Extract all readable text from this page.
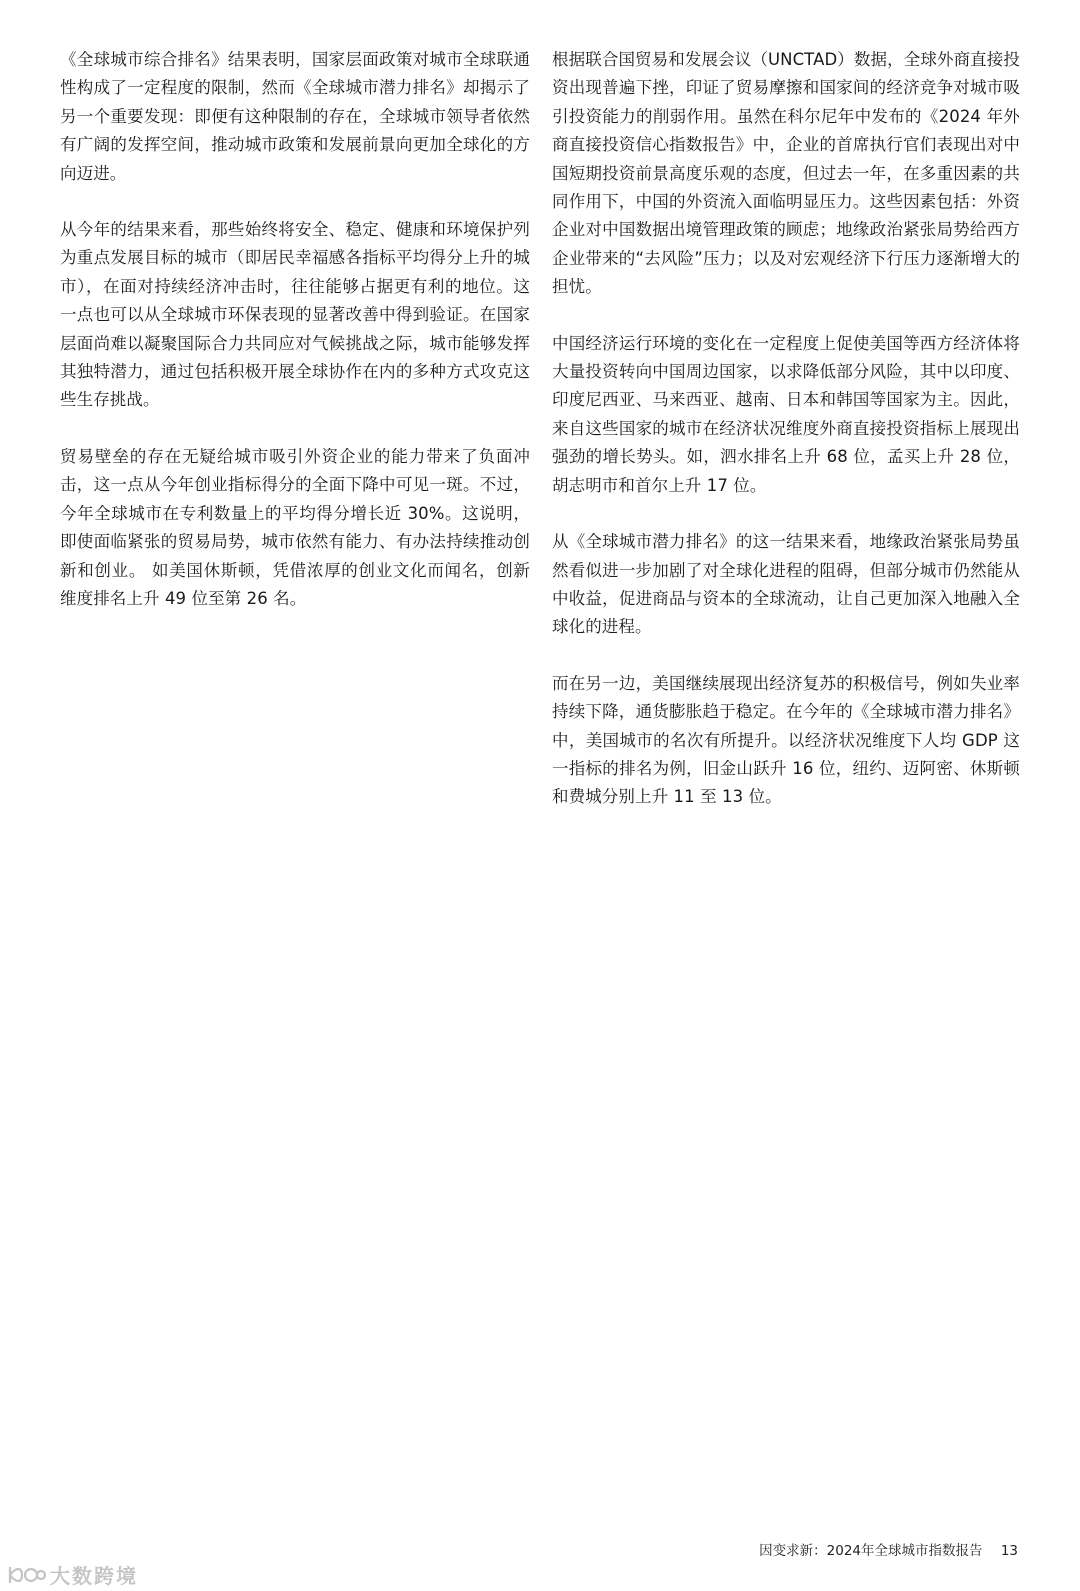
《全球城市综合排名》结果表明，国家层面政策对城市全球联通性构成了一定程度的限制，然而《全球城市潜力排名》却揭示了另一个重要发现：即便有这种限制的存在，全球城市领导者依然有广阔的发挥空间，推动城市政策和发展前景向更加全球化的方向迈进。

从今年的结果来看，那些始终将安全、稳定、健康和环境保护列为重点发展目标的城市（即居民幸福感各指标平均得分上升的城市），在面对持续经济冲击时，往往能够占据更有利的地位。这一点也可以从全球城市环保表现的显著改善中得到验证。在国家层面尚难以凝聚国际合力共同应对气候挑战之际，城市能够发挥其独特潜力，通过包括积极开展全球协作在内的多种方式攻克这些生存挑战。

贸易壁垒的存在无疑给城市吸引外资企业的能力带来了负面冲击，这一点从今年创业指标得分的全面下降中可见一斑。不过，今年全球城市在专利数量上的平均得分增长近 30%。这说明，即使面临紧张的贸易局势，城市依然有能力、有办法持续推动创新和创业。 如美国休斯顿，凭借浓厚的创业文化而闻名，创新维度排名上升 49 位至第 26 名。

根据联合国贸易和发展会议（UNCTAD）数据，全球外商直接投资出现普遍下挫，印证了贸易摩擦和国家间的经济竞争对城市吸引投资能力的削弱作用。虽然在科尔尼年中发布的《2024 年外商直接投资信心指数报告》中，企业的首席执行官们表现出对中国短期投资前景高度乐观的态度，但过去一年，在多重因素的共同作用下，中国的外资流入面临明显压力。这些因素包括：外资企业对中国数据出境管理政策的顾虑；地缘政治紧张局势给西方企业带来的“去风险”压力；以及对宏观经济下行压力逐渐增大的担忧。

中国经济运行环境的变化在一定程度上促使美国等西方经济体将大量投资转向中国周边国家，以求降低部分风险，其中以印度、印度尼西亚、马来西亚、越南、日本和韩国等国家为主。因此，来自这些国家的城市在经济状况维度外商直接投资指标上展现出强劲的增长势头。如，泗水排名上升 68 位，孟买上升 28 位，胡志明市和首尔上升 17 位。

从《全球城市潜力排名》的这一结果来看，地缘政治紧张局势虽然看似进一步加剧了对全球化进程的阻碍，但部分城市仍然能从中收益，促进商品与资本的全球流动，让自己更加深入地融入全球化的进程。

而在另一边，美国继续展现出经济复苏的积极信号，例如失业率持续下降，通货膨胀趋于稳定。在今年的《全球城市潜力排名》中，美国城市的名次有所提升。以经济状况维度下人均 GDP 这一指标的排名为例，旧金山跃升 16 位，纽约、迈阿密、休斯顿和费城分别上升 11 至 13 位。

因变求新：2024年全球城市指数报告 13
大数跨境
